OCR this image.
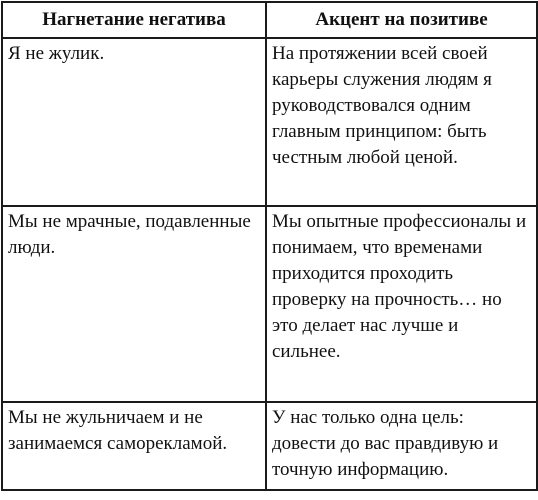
Нагнетание негатива	Акцент на позитиве

Я не жулик.	На протяжении всей своей карьеры служения людям я руководствовался одним главным принципом: быть честным любой ценой.

Мы не мрачные, подавленные люди.	Мы опытные профессионалы и понимаем, что временами приходится проходить проверку на прочность… но это делает нас лучше и сильнее.

Мы не жульничаем и не занимаемся саморекламой.	У нас только одна цель: довести до вас правдивую и точную информацию.
